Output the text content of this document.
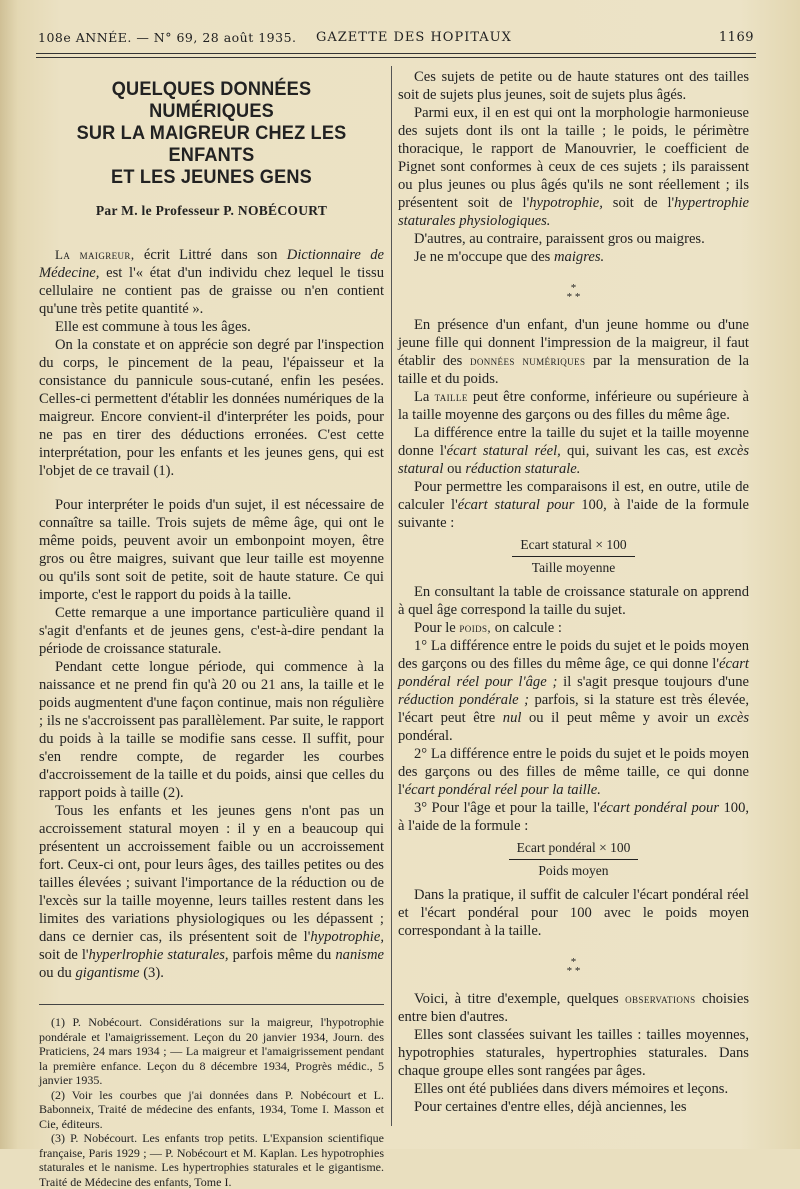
108e ANNÉE. — N° 69, 28 août 1935. GAZETTE DES HOPITAUX	1169
QUELQUES DONNÉES NUMÉRIQUES
SUR LA MAIGREUR CHEZ LES ENFANTS
ET LES JEUNES GENS
Par M. le Professeur P. NOBÉCOURT

La maigreur, écrit Littré dans son Dictionnaire de Médecine, est l'« état d'un individu chez lequel le tissu cellulaire ne contient pas de graisse ou n'en contient qu'une très petite quantité ».

Elle est commune à tous les âges.

On la constate et on apprécie son degré par l'inspection du corps, le pincement de la peau, l'épaisseur et la consistance du pannicule sous-cutané, enfin les pesées. Celles-ci permettent d'établir les données numériques de la maigreur. Encore convient-il d'interpréter les poids, pour ne pas en tirer des déductions erronées. C'est cette interprétation, pour les enfants et les jeunes gens, qui est l'objet de ce travail (1).

Pour interpréter le poids d'un sujet, il est nécessaire de connaître sa taille. Trois sujets de même âge, qui ont le même poids, peuvent avoir un embonpoint moyen, être gros ou être maigres, suivant que leur taille est moyenne ou qu'ils sont soit de petite, soit de haute stature. Ce qui importe, c'est le rapport du poids à la taille.

Cette remarque a une importance particulière quand il s'agit d'enfants et de jeunes gens, c'est-à-dire pendant la période de croissance staturale.

Pendant cette longue période, qui commence à la naissance et ne prend fin qu'à 20 ou 21 ans, la taille et le poids augmentent d'une façon continue, mais non régulière ; ils ne s'accroissent pas parallèlement. Par suite, le rapport du poids à la taille se modifie sans cesse. Il suffit, pour s'en rendre compte, de regarder les courbes d'accroissement de la taille et du poids, ainsi que celles du rapport poids à taille (2).

Tous les enfants et les jeunes gens n'ont pas un accroissement statural moyen : il y en a beaucoup qui présentent un accroissement faible ou un accroissement fort. Ceux-ci ont, pour leurs âges, des tailles petites ou des tailles élevées ; suivant l'importance de la réduction ou de l'excès sur la taille moyenne, leurs tailles restent dans les limites des variations physiologiques ou les dépassent ; dans ce dernier cas, ils présentent soit de l'hypotrophie, soit de l'hyperlrophie staturales, parfois même du nanisme ou du gigantisme (3).

(1) P. Nobécourt. Considérations sur la maigreur, l'hypotrophie pondérale et l'amaigrissement. Leçon du 20 janvier 1934, Journ. des Praticiens, 24 mars 1934 ; — La maigreur et l'amaigrissement pendant la première enfance. Leçon du 8 décembre 1934, Progrès médic., 5 janvier 1935.

(2) Voir les courbes que j'ai données dans P. Nobécourt et L. Babonneix, Traité de médecine des enfants, 1934, Tome I. Masson et Cie, éditeurs.

(3) P. Nobécourt. Les enfants trop petits. L'Expansion scientifique française, Paris 1929 ; — P. Nobécourt et M. Kaplan. Les hypotrophies staturales et le nanisme. Les hypertrophies staturales et le gigantisme. Traité de Médecine des enfants, Tome I.

Ces sujets de petite ou de haute statures ont des tailles soit de sujets plus jeunes, soit de sujets plus âgés.

Parmi eux, il en est qui ont la morphologie harmonieuse des sujets dont ils ont la taille ; le poids, le périmètre thoracique, le rapport de Manouvrier, le coefficient de Pignet sont conformes à ceux de ces sujets ; ils paraissent ou plus jeunes ou plus âgés qu'ils ne sont réellement ; ils présentent soit de l'hypotrophie, soit de l'hypertrophie staturales physiologiques.

D'autres, au contraire, paraissent gros ou maigres.

Je ne m'occupe que des maigres.

*
* *

En présence d'un enfant, d'un jeune homme ou d'une jeune fille qui donnent l'impression de la maigreur, il faut établir des données numériques par la mensuration de la taille et du poids.

La taille peut être conforme, inférieure ou supérieure à la taille moyenne des garçons ou des filles du même âge.

La différence entre la taille du sujet et la taille moyenne donne l'écart statural réel, qui, suivant les cas, est excès statural ou réduction staturale.

Pour permettre les comparaisons il est, en outre, utile de calculer l'écart statural pour 100, à l'aide de la formule suivante :

Ecart statural × 100
Taille moyenne

En consultant la table de croissance staturale on apprend à quel âge correspond la taille du sujet.

Pour le poids, on calcule :

1° La différence entre le poids du sujet et le poids moyen des garçons ou des filles du même âge, ce qui donne l'écart pondéral réel pour l'âge ; il s'agit presque toujours d'une réduction pondérale ; parfois, si la stature est très élevée, l'écart peut être nul ou il peut même y avoir un excès pondéral.

2° La différence entre le poids du sujet et le poids moyen des garçons ou des filles de même taille, ce qui donne l'écart pondéral réel pour la taille.

3° Pour l'âge et pour la taille, l'écart pondéral pour 100, à l'aide de la formule :

Ecart pondéral × 100
Poids moyen

Dans la pratique, il suffit de calculer l'écart pondéral réel et l'écart pondéral pour 100 avec le poids moyen correspondant à la taille.

*
* *

Voici, à titre d'exemple, quelques observations choisies entre bien d'autres.

Elles sont classées suivant les tailles : tailles moyennes, hypotrophies staturales, hypertrophies staturales. Dans chaque groupe elles sont rangées par âges.

Elles ont été publiées dans divers mémoires et leçons.

Pour certaines d'entre elles, déjà anciennes, les
